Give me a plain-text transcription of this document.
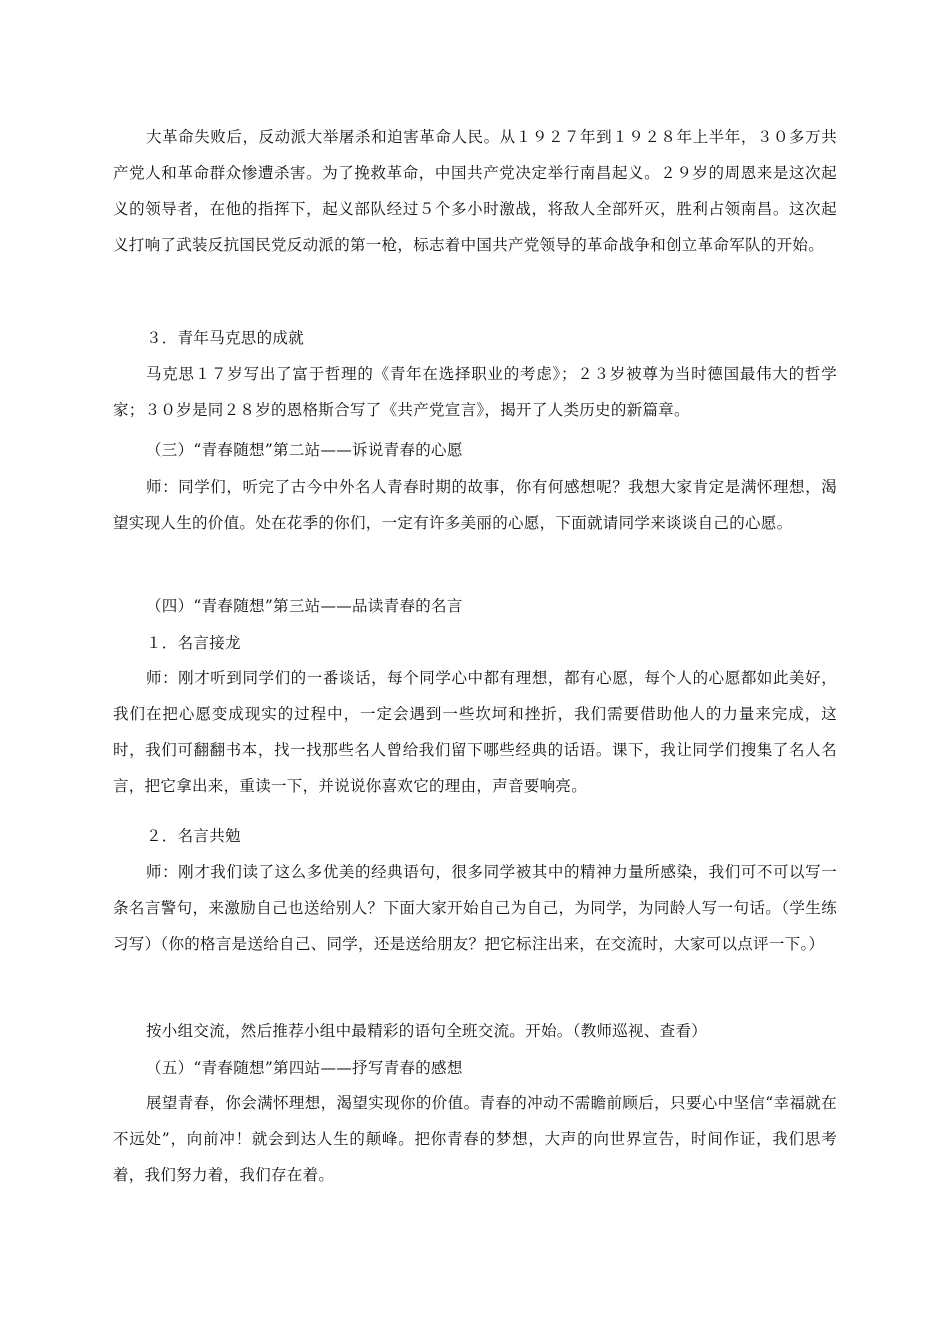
大革命失败后，反动派大举屠杀和迫害革命人民。从１９２７年到１９２８年上半年，３０多万共产党人和革命群众惨遭杀害。为了挽救革命，中国共产党决定举行南昌起义。２９岁的周恩来是这次起义的领导者，在他的指挥下，起义部队经过５个多小时激战，将敌人全部歼灭，胜利占领南昌。这次起义打响了武装反抗国民党反动派的第一枪，标志着中国共产党领导的革命战争和创立革命军队的开始。

３．青年马克思的成就

马克思１７岁写出了富于哲理的《青年在选择职业的考虑》；２３岁被尊为当时德国最伟大的哲学家；３０岁是同２８岁的恩格斯合写了《共产党宣言》，揭开了人类历史的新篇章。

（三）“青春随想”第二站——诉说青春的心愿

师：同学们，听完了古今中外名人青春时期的故事，你有何感想呢？我想大家肯定是满怀理想，渴望实现人生的价值。处在花季的你们，一定有许多美丽的心愿，下面就请同学来谈谈自己的心愿。

（四）“青春随想”第三站——品读青春的名言

１．名言接龙

师：刚才听到同学们的一番谈话，每个同学心中都有理想，都有心愿，每个人的心愿都如此美好，我们在把心愿变成现实的过程中，一定会遇到一些坎坷和挫折，我们需要借助他人的力量来完成，这时，我们可翻翻书本，找一找那些名人曾给我们留下哪些经典的话语。课下，我让同学们搜集了名人名言，把它拿出来，重读一下，并说说你喜欢它的理由，声音要响亮。

２．名言共勉

师：刚才我们读了这么多优美的经典语句，很多同学被其中的精神力量所感染，我们可不可以写一条名言警句，来激励自己也送给别人？下面大家开始自己为自己，为同学，为同龄人写一句话。（学生练习写）（你的格言是送给自己、同学，还是送给朋友？把它标注出来，在交流时，大家可以点评一下。）

按小组交流，然后推荐小组中最精彩的语句全班交流。开始。（教师巡视、查看）

（五）“青春随想”第四站——抒写青春的感想

展望青春，你会满怀理想，渴望实现你的价值。青春的冲动不需瞻前顾后，只要心中坚信“幸福就在不远处”，向前冲！就会到达人生的颠峰。把你青春的梦想，大声的向世界宣告，时间作证，我们思考着，我们努力着，我们存在着。
